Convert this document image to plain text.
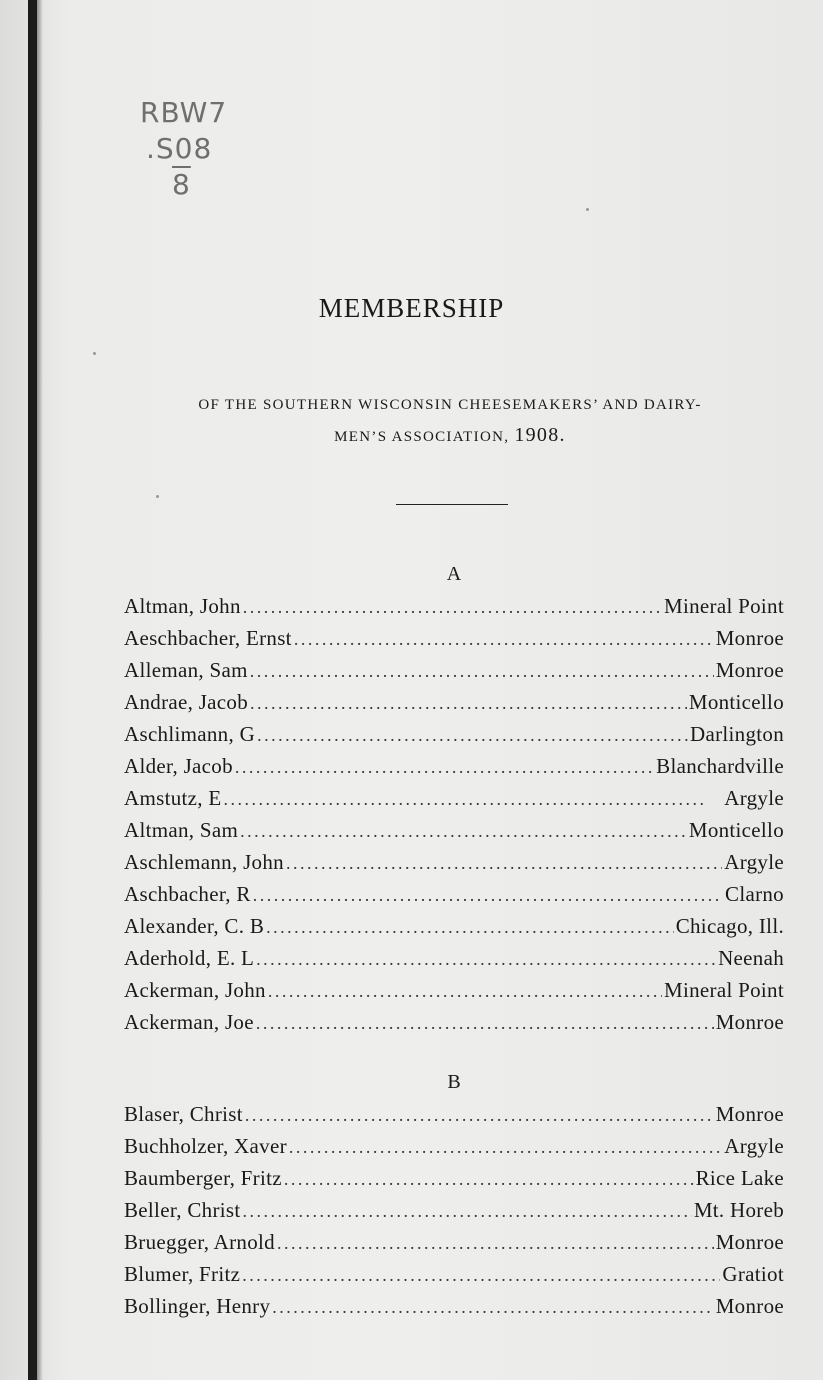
RBW7
.S08
8
MEMBERSHIP
OF THE SOUTHERN WISCONSIN CHEESEMAKERS’ AND DAIRY-
MEN’S ASSOCIATION, 1908.
A
Altman, John . . .	Mineral Point
Aeschbacher, Ernst . . .	Monroe
Alleman, Sam . . .	Monroe
Andrae, Jacob . . .	Monticello
Aschlimann, G . . .	Darlington
Alder, Jacob . . .	Blanchardville
Amstutz, E . . .	Argyle
Altman, Sam . . .	Monticello
Aschlemann, John . . .	Argyle
Aschbacher, R . . .	Clarno
Alexander, C. B . . .	Chicago, Ill.
Aderhold, E. L . . .	Neenah
Ackerman, John . . .	Mineral Point
Ackerman, Joe . . .	Monroe
B
Blaser, Christ . . .	Monroe
Buchholzer, Xaver . . .	Argyle
Baumberger, Fritz . . .	Rice Lake
Beller, Christ . . .	Mt. Horeb
Bruegger, Arnold . . .	Monroe
Blumer, Fritz . . .	Gratiot
Bollinger, Henry . . .	Monroe
